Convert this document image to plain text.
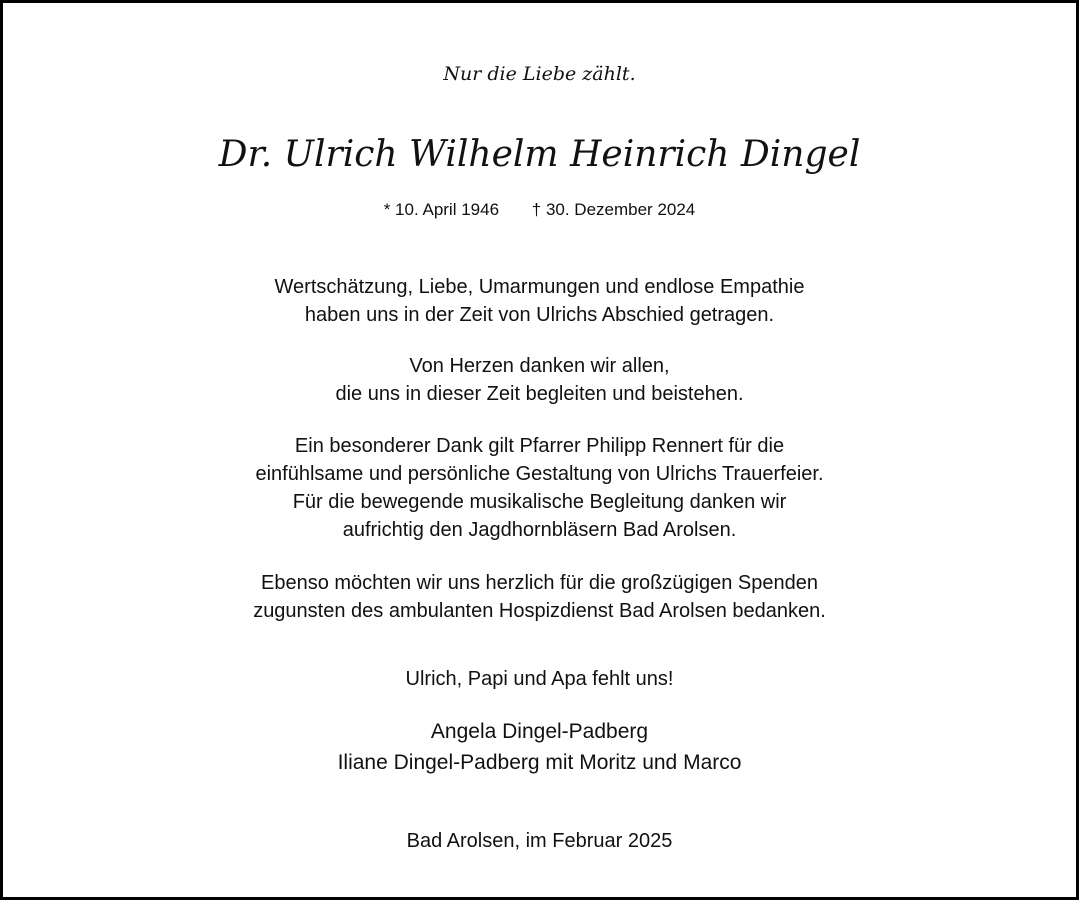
Nur die Liebe zählt.
Dr. Ulrich Wilhelm Heinrich Dingel
* 10. April 1946 † 30. Dezember 2024

Wertschätzung, Liebe, Umarmungen und endlose Empathie

haben uns in der Zeit von Ulrichs Abschied getragen.

Von Herzen danken wir allen,

die uns in dieser Zeit begleiten und beistehen.

Ein besonderer Dank gilt Pfarrer Philipp Rennert für die

einfühlsame und persönliche Gestaltung von Ulrichs Trauerfeier.

Für die bewegende musikalische Begleitung danken wir

aufrichtig den Jagdhornbläsern Bad Arolsen.

Ebenso möchten wir uns herzlich für die großzügigen Spenden

zugunsten des ambulanten Hospizdienst Bad Arolsen bedanken.

Ulrich, Papi und Apa fehlt uns!

Angela Dingel-Padberg
Iliane Dingel-Padberg mit Moritz und Marco
Bad Arolsen, im Februar 2025
